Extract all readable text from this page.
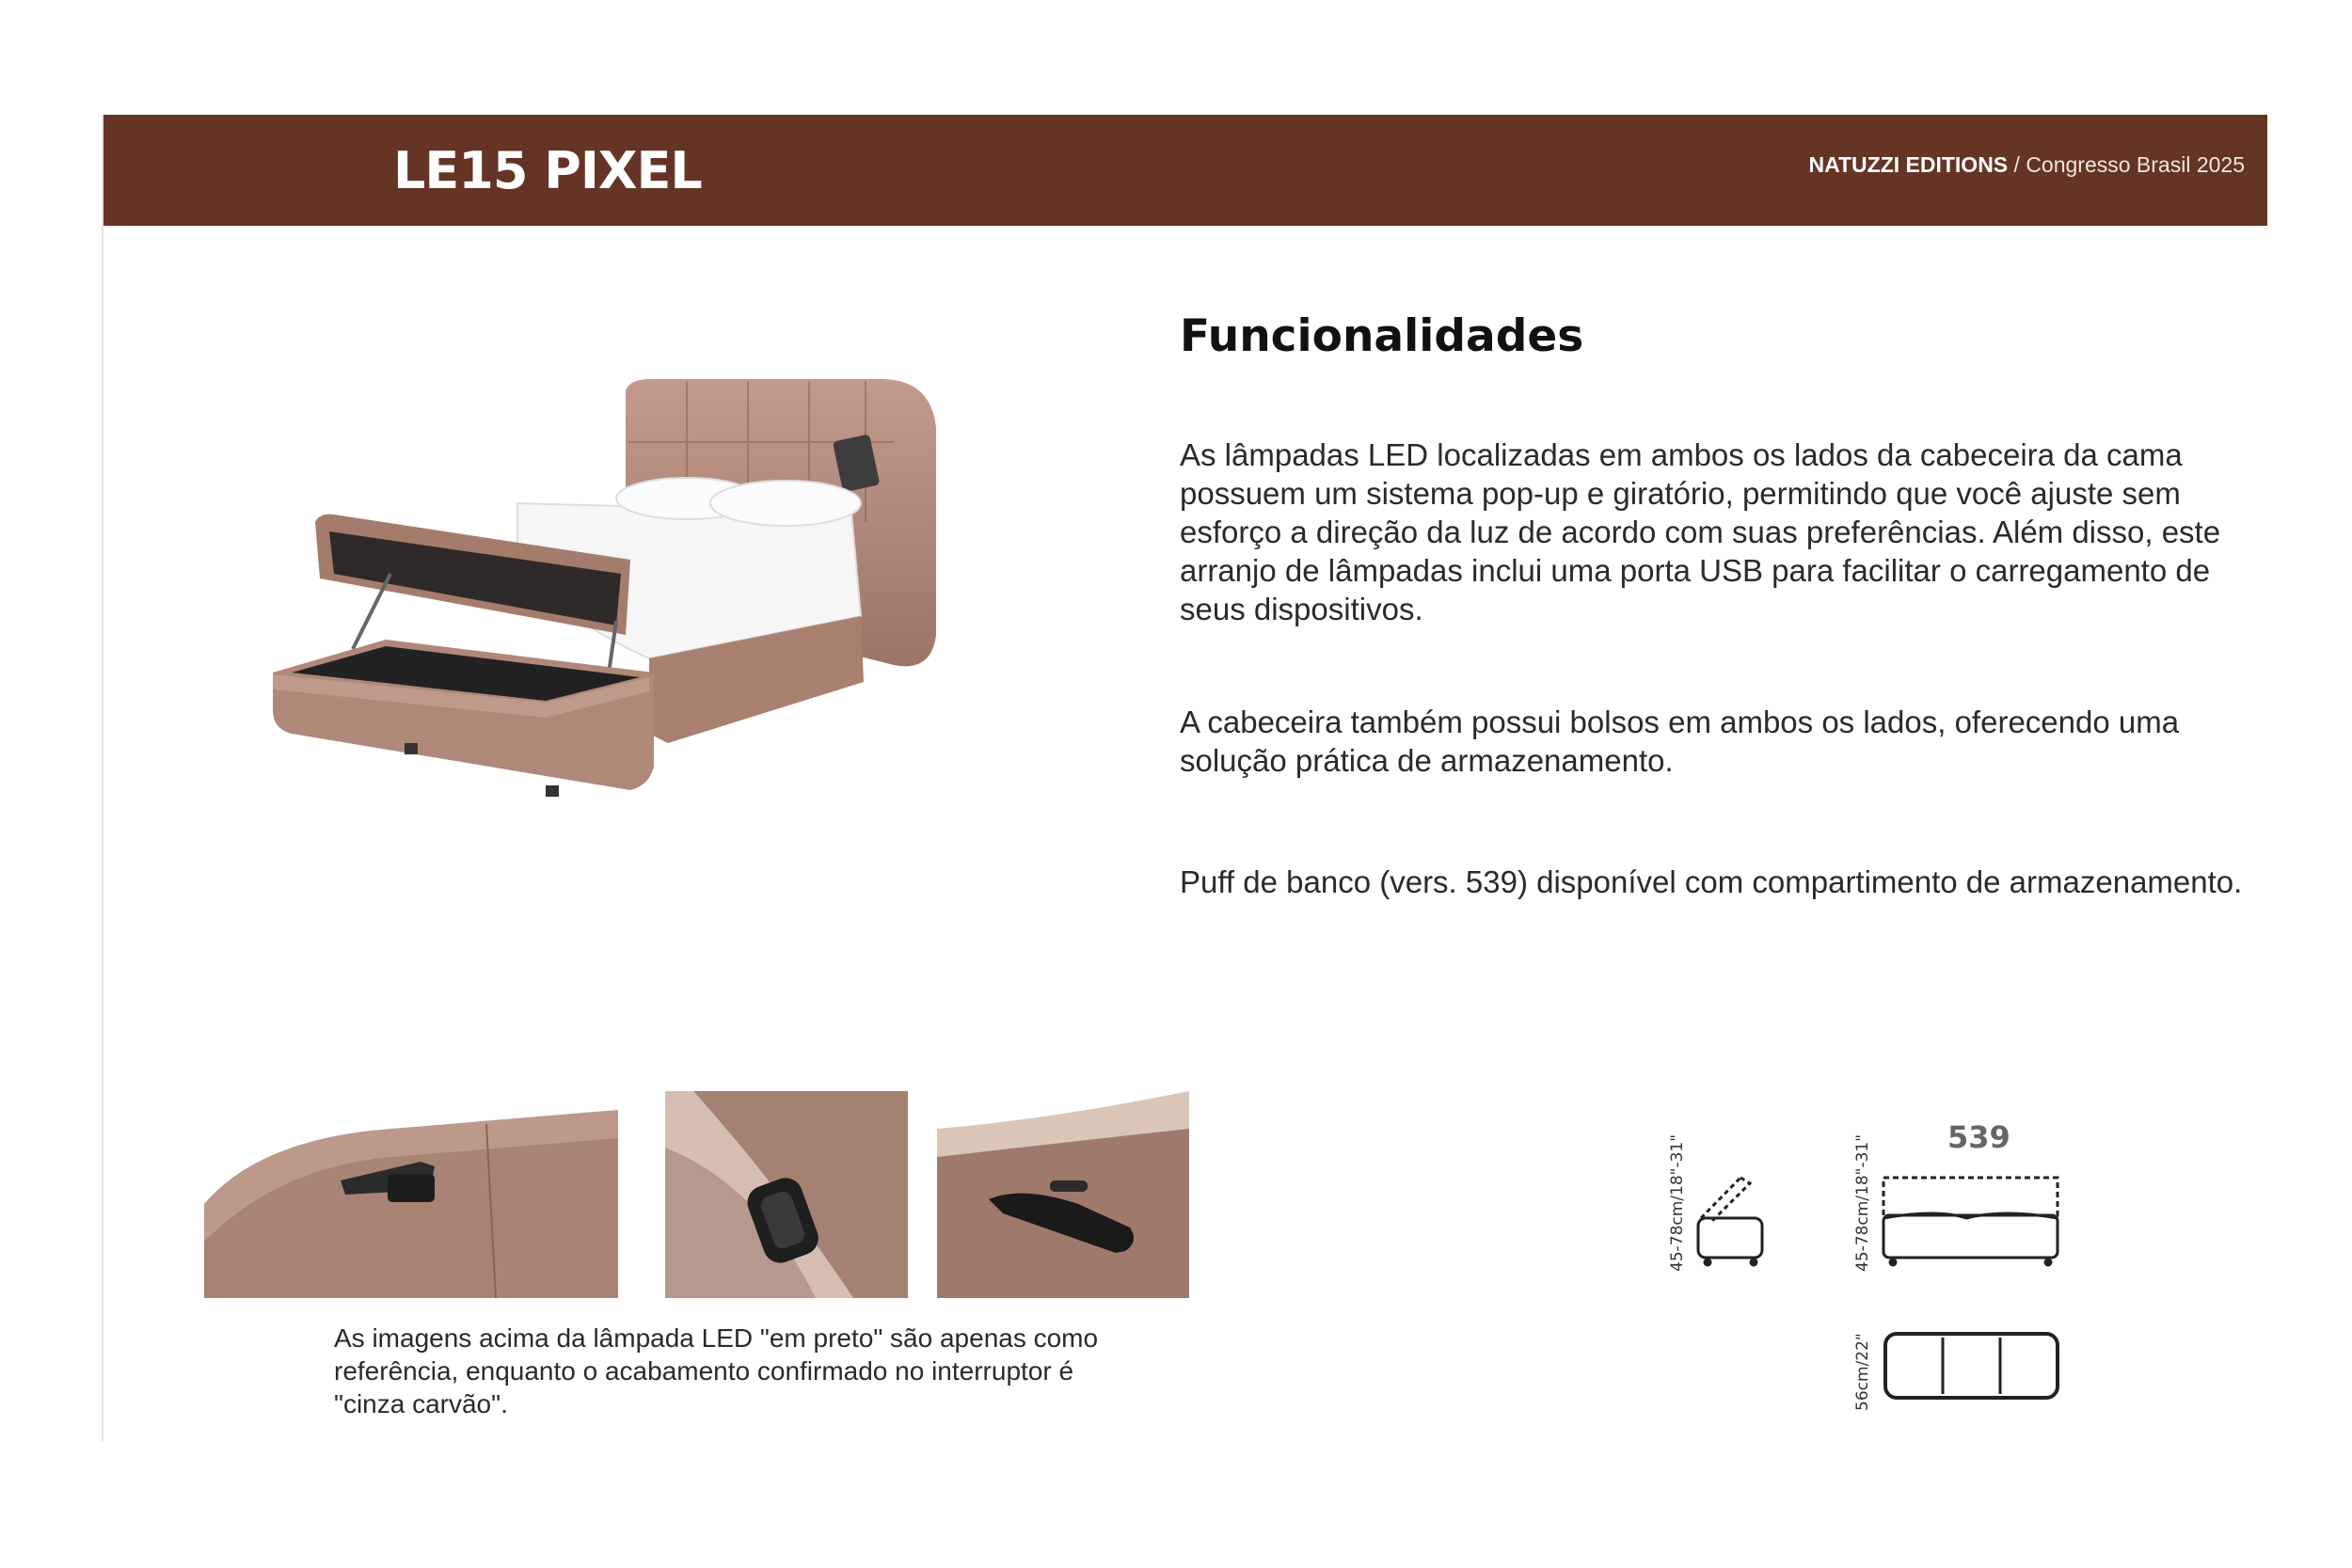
LE15 PIXEL	NATUZZI EDITIONS / Congresso Brasil 2025
Funcionalidades

As lâmpadas LED localizadas em ambos os lados da cabeceira da cama possuem um sistema pop-up e giratório, permitindo que você ajuste sem esforço a direção da luz de acordo com suas preferências. Além disso, este arranjo de lâmpadas inclui uma porta USB para facilitar o carregamento de seus dispositivos.

A cabeceira também possui bolsos em ambos os lados, oferecendo uma solução prática de armazenamento.

Puff de banco (vers. 539) disponível com compartimento de armazenamento.

As imagens acima da lâmpada LED "em preto" são apenas como referência, enquanto o acabamento confirmado no interruptor é "cinza carvão".

539
45-78cm/18"-31"	45-78cm/18"-31"
56cm/22"
